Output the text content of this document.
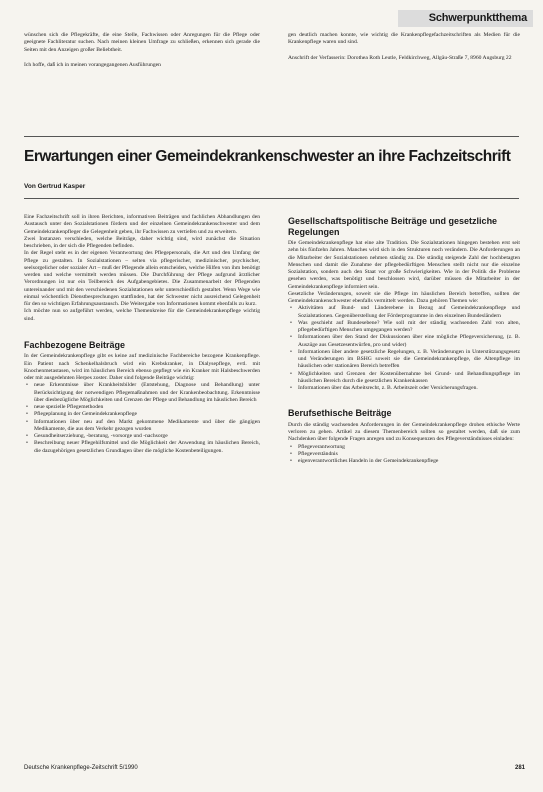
Schwerpunktthema

wünschen sich die Pflegekräfte, die eine Stelle, Fachwissen oder Anregungen für die Pflege oder geeignete Fachliteratur suchen. Nach meinen kleinen Umfrage zu schließen, erkennen sich gerade die Seiten mit den Anzeigen großer Beliebtheit.

Ich hoffe, daß ich in meinen vorangegangenen Ausführungen

gen deutlich machen konnte, wie wichtig die Krankenpflegefachzeitschriften als Medien für die Krankenpflege waren und sind.

Anschrift der Verfasserin: Dorothea Roth Leutle, Feldkirchweg, Allgäu-Straße 7, 8960 Augsburg 22

Erwartungen einer Gemeindekrankenschwester an ihre Fachzeitschrift
Von Gertrud Kasper

Eine Fachzeitschrift soll in ihren Berichten, informativen Beiträgen und fachlichen Abhandlungen den Austausch unter den Sozialstationen fördern und der einzelnen Gemeindekrankenschwester und dem Gemeindekrankenpfleger die Gelegenheit geben, ihr Fachwissen zu vertiefen und zu erweitern.

Zwei Instanzen verschieden, welche Beiträge, daher wichtig sind, wird zunächst die Situation beschrieben, in der sich die Pflegenden befinden.

In der Regel steht es in der eigenen Verantwortung des Pflegepersonals, die Art und den Umfang der Pflege zu gestalten. In Sozialstationen – selten via pflegerischer, medizinischer, psychischer, seelsorgelicher oder sozialer Art – muß der Pflegende allein entscheiden, welche Hilfen von ihm benötigt werden und welche vermittelt werden müssen. Die Durchführung der Pflege aufgrund ärztlicher Verordnungen ist nur ein Teilbereich des Aufgabengebietes. Die Zusammenarbeit der Pflegenden untereinander und mit den verschiedenen Sozialstationen sehr unterschiedlich gestaltet. Wenn Wege wie einmal wöchentlich Dienstbesprechungen stattfinden, hat der Schwester nicht ausreichend Gelegenheit für den so wichtigen Erfahrungsaustausch. Die Weitergabe von Informationen kommt ebenfalls zu kurz.

Ich möchte nun so aufgeführt werden, welche Themenkreise für die Gemeindekrankenpflege wichtig sind.

Fachbezogene Beiträge

In der Gemeindekrankenpflege gibt es keine auf medizinische Fachbereiche bezogene Krankenpflege. Ein Patient nach Schenkelhalsbruch wird ein Krebskranker, in Dialysepflege, evtl. mit Knochenmetastasen, wird im häuslichen Bereich ebenso gepflegt wie ein Kranker mit Halsbeschwerden oder mit ausgedehnten Herpes zoster. Daher sind folgende Beiträge wichtig:

• neue Erkenntnisse über Krankheitsbilder (Entstehung, Diagnose und Behandlung) unter Berücksichtigung der notwendigen Pflegemaßnahmen und der Krankenbeobachtung. Erkenntnisse über diesbezügliche Möglichkeiten und Grenzen der Pflege und Behandlung im häuslichen Bereich
• neue spezielle Pflegemethoden
• Pflegeplanung in der Gemeindekrankenpflege
• Informationen über neu auf den Markt gekommene Medikamente und über die gängigen Medikamente, die aus dem Verkehr gezogen wurden
• Gesundheitserziehung, -beratung, -vorsorge und -nachsorge
• Beschreibung neuer Pflegehilfsmittel und die Möglichkeit der Anwendung im häuslichen Bereich, die dazugehörigen gesetzlichen Grundlagen über die mögliche Kostenbeteiligungen.
Gesellschaftspolitische Beiträge und gesetzliche Regelungen

Die Gemeindekrankenpflege hat eine alte Tradition. Die Sozialstationen hingegen bestehen erst seit zehn bis fünfzehn Jahren. Manches wird sich in den Strukturen noch verändern. Die Anforderungen an die Mitarbeiter der Sozialstationen nehmen ständig zu. Die ständig steigende Zahl der hochbetagten Menschen und damit die Zunahme der pflegebedürftigen Menschen stellt nicht nur die einzelne Sozialstation, sondern auch den Staat vor große Schwierigkeiten. Wie in der Politik die Probleme gesehen werden, was benötigt und beschlossen wird, darüber müssen die Mitarbeiter in der Gemeindekrankenpflege informiert sein.

Gesetzliche Veränderungen, soweit sie die Pflege im häuslichen Bereich betreffen, sollten der Gemeindekrankenschwester ebenfalls vermittelt werden. Dazu gehören Themen wie:

• Aktivitäten auf Bund- und Länderebene in Bezug auf Gemeindekrankenpflege und Sozialstationen. Gegenüberstellung der Förderprogramme in den einzelnen Bundesländern
• Was geschieht auf Bundesebene? Wie soll mit der ständig wachsenden Zahl von alten, pflegebedürftigen Menschen umgegangen werden?
• Informationen über den Stand der Diskussionen über eine mögliche Pflegeversicherung, (z. B. Auszüge aus Gesetzesentwürfen, pro und wider)
• Informationen über andere gesetzliche Regelungen, z. B. Veränderungen in Unterstützungsgesetz und Veränderungen im BSHG soweit sie die Gemeindekrankenpflege, die Altenpflege im häuslichen oder stationären Bereich betreffen
• Möglichkeiten und Grenzen der Kostenübernahme bei Grund- und Behandlungspflege im häuslichen Bereich durch die gesetzlichen Krankenkassen
• Informationen über das Arbeitsrecht, z. B. Arbeitszeit oder Versicherungsfragen.
Berufsethische Beiträge

Durch die ständig wachsenden Anforderungen in der Gemeindekrankenpflege drohen ethische Werte verloren zu gehen. Artikel zu diesem Themenbereich sollten so gestaltet werden, daß sie zum Nachdenken über folgende Fragen anregen und zu Konsequenzen des Pflegeverständnisses einladen:

• Pflegeverantwortung
• Pflegeverständnis
• eigenverantwortliches Handeln in der Gemeindekrankenpflege
Deutsche Krankenpflege-Zeitschrift 5/1990	281
